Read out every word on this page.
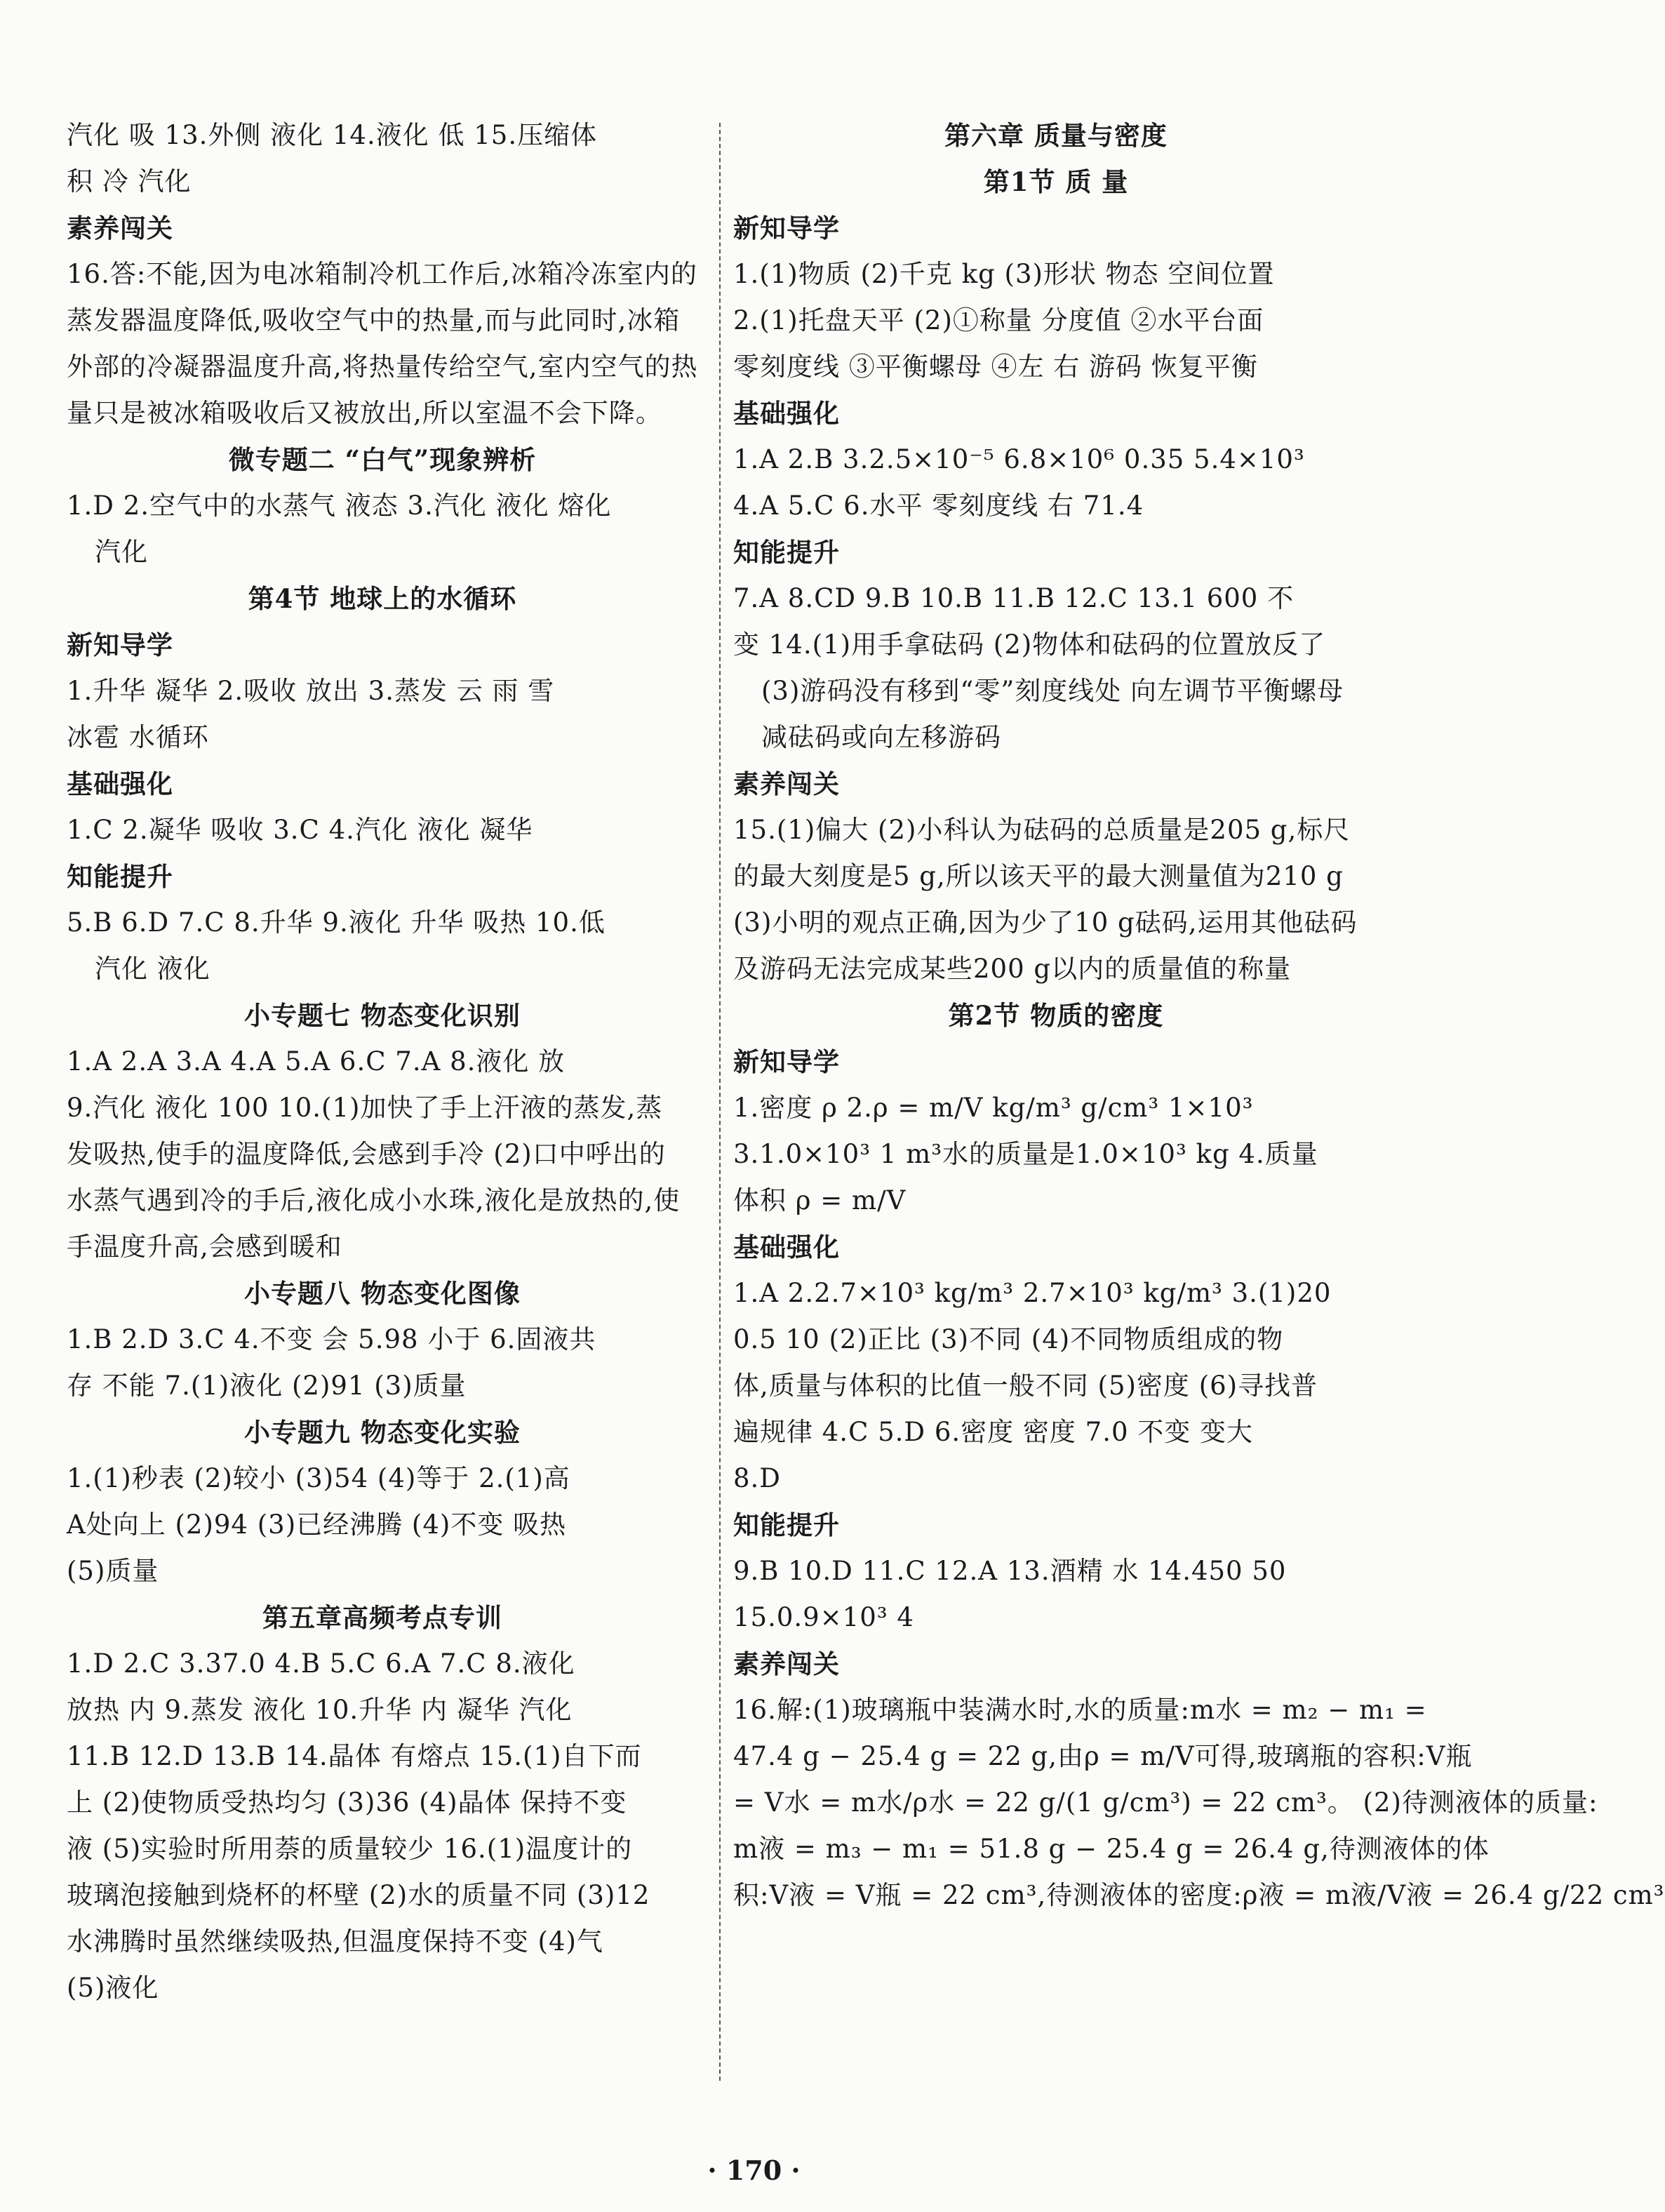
汽化 吸 13.外侧 液化 14.液化 低 15.压缩体
积 冷 汽化
素养闯关
16.答:不能,因为电冰箱制冷机工作后,冰箱冷冻室内的
蒸发器温度降低,吸收空气中的热量,而与此同时,冰箱
外部的冷凝器温度升高,将热量传给空气,室内空气的热
量只是被冰箱吸收后又被放出,所以室温不会下降。
微专题二 “白气”现象辨析
1.D 2.空气中的水蒸气 液态 3.汽化 液化 熔化
汽化
第4节 地球上的水循环
新知导学
1.升华 凝华 2.吸收 放出 3.蒸发 云 雨 雪
冰雹 水循环
基础强化
1.C 2.凝华 吸收 3.C 4.汽化 液化 凝华
知能提升
5.B 6.D 7.C 8.升华 9.液化 升华 吸热 10.低
汽化 液化
小专题七 物态变化识别
1.A 2.A 3.A 4.A 5.A 6.C 7.A 8.液化 放
9.汽化 液化 100 10.(1)加快了手上汗液的蒸发,蒸
发吸热,使手的温度降低,会感到手冷 (2)口中呼出的
水蒸气遇到冷的手后,液化成小水珠,液化是放热的,使
手温度升高,会感到暖和
小专题八 物态变化图像
1.B 2.D 3.C 4.不变 会 5.98 小于 6.固液共
存 不能 7.(1)液化 (2)91 (3)质量
小专题九 物态变化实验
1.(1)秒表 (2)较小 (3)54 (4)等于 2.(1)高
A处向上 (2)94 (3)已经沸腾 (4)不变 吸热
(5)质量
第五章高频考点专训
1.D 2.C 3.37.0 4.B 5.C 6.A 7.C 8.液化
放热 内 9.蒸发 液化 10.升华 内 凝华 汽化
11.B 12.D 13.B 14.晶体 有熔点 15.(1)自下而
上 (2)使物质受热均匀 (3)36 (4)晶体 保持不变
液 (5)实验时所用萘的质量较少 16.(1)温度计的
玻璃泡接触到烧杯的杯壁 (2)水的质量不同 (3)12
水沸腾时虽然继续吸热,但温度保持不变 (4)气
(5)液化
第六章 质量与密度
第1节 质 量
新知导学
1.(1)物质 (2)千克 kg (3)形状 物态 空间位置
2.(1)托盘天平 (2)①称量 分度值 ②水平台面
零刻度线 ③平衡螺母 ④左 右 游码 恢复平衡
基础强化
1.A 2.B 3.2.5×10⁻⁵ 6.8×10⁶ 0.35 5.4×10³
4.A 5.C 6.水平 零刻度线 右 71.4
知能提升
7.A 8.CD 9.B 10.B 11.B 12.C 13.1 600 不
变 14.(1)用手拿砝码 (2)物体和砝码的位置放反了
(3)游码没有移到“零”刻度线处 向左调节平衡螺母
减砝码或向左移游码
素养闯关
15.(1)偏大 (2)小科认为砝码的总质量是205 g,标尺
的最大刻度是5 g,所以该天平的最大测量值为210 g
(3)小明的观点正确,因为少了10 g砝码,运用其他砝码
及游码无法完成某些200 g以内的质量值的称量
第2节 物质的密度
新知导学
1.密度 ρ 2.ρ = m/V kg/m³ g/cm³ 1×10³
3.1.0×10³ 1 m³水的质量是1.0×10³ kg 4.质量
体积 ρ = m/V
基础强化
1.A 2.2.7×10³ kg/m³ 2.7×10³ kg/m³ 3.(1)20
0.5 10 (2)正比 (3)不同 (4)不同物质组成的物
体,质量与体积的比值一般不同 (5)密度 (6)寻找普
遍规律 4.C 5.D 6.密度 密度 7.0 不变 变大
8.D
知能提升
9.B 10.D 11.C 12.A 13.酒精 水 14.450 50
15.0.9×10³ 4
素养闯关
16.解:(1)玻璃瓶中装满水时,水的质量:m水 = m₂ − m₁ =
47.4 g − 25.4 g = 22 g,由ρ = m/V可得,玻璃瓶的容积:V瓶
= V水 = m水/ρ水 = 22 g/(1 g/cm³) = 22 cm³。 (2)待测液体的质量:
m液 = m₃ − m₁ = 51.8 g − 25.4 g = 26.4 g,待测液体的体
积:V液 = V瓶 = 22 cm³,待测液体的密度:ρ液 = m液/V液 = 26.4 g/22 cm³
· 170 ·
